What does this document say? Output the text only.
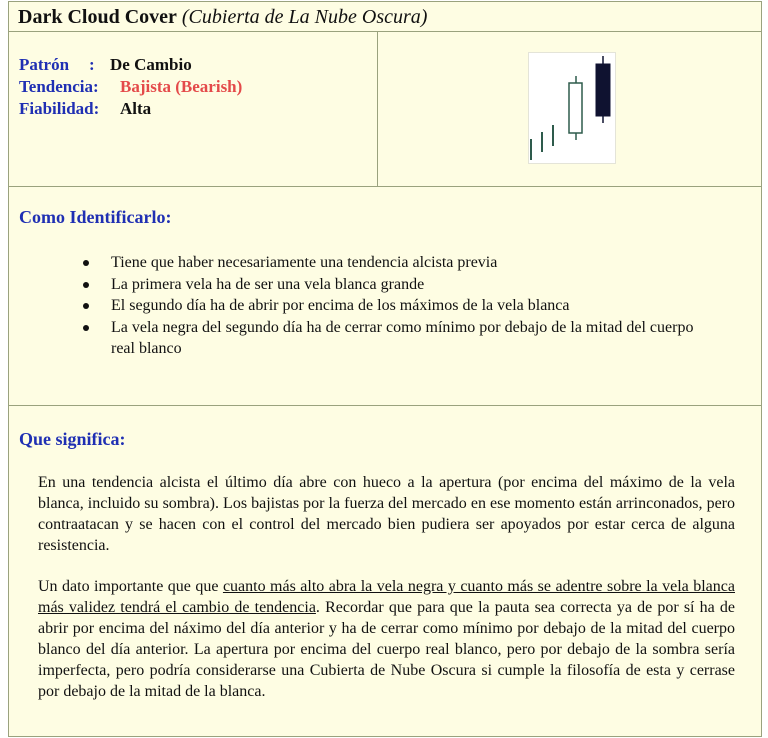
Dark Cloud Cover (Cubierta de La Nube Oscura)
Patrón : De Cambio
Tendencia: Bajista (Bearish)
Fiabilidad: Alta
Como Identificarlo:
Tiene que haber necesariamente una tendencia alcista previa
La primera vela ha de ser una vela blanca grande
El segundo día ha de abrir por encima de los máximos de la vela blanca
La vela negra del segundo día ha de cerrar como mínimo por debajo de la mitad del cuerpo real blanco
Que significa:

En una tendencia alcista el último día abre con hueco a la apertura (por encima del máximo de la vela blanca, incluido su sombra). Los bajistas por la fuerza del mercado en ese momento están arrinconados, pero contraatacan y se hacen con el control del mercado bien pudiera ser apoyados por estar cerca de alguna resistencia.

Un dato importante que que cuanto más alto abra la vela negra y cuanto más se adentre sobre la vela blanca más validez tendrá el cambio de tendencia. Recordar que para que la pauta sea correcta ya de por sí ha de abrir por encima del náximo del día anterior y ha de cerrar como mínimo por debajo de la mitad del cuerpo blanco del día anterior. La apertura por encima del cuerpo real blanco, pero por debajo de la sombra sería imperfecta, pero podría considerarse una Cubierta de Nube Oscura si cumple la filosofía de esta y cerrase por debajo de la mitad de la blanca.
